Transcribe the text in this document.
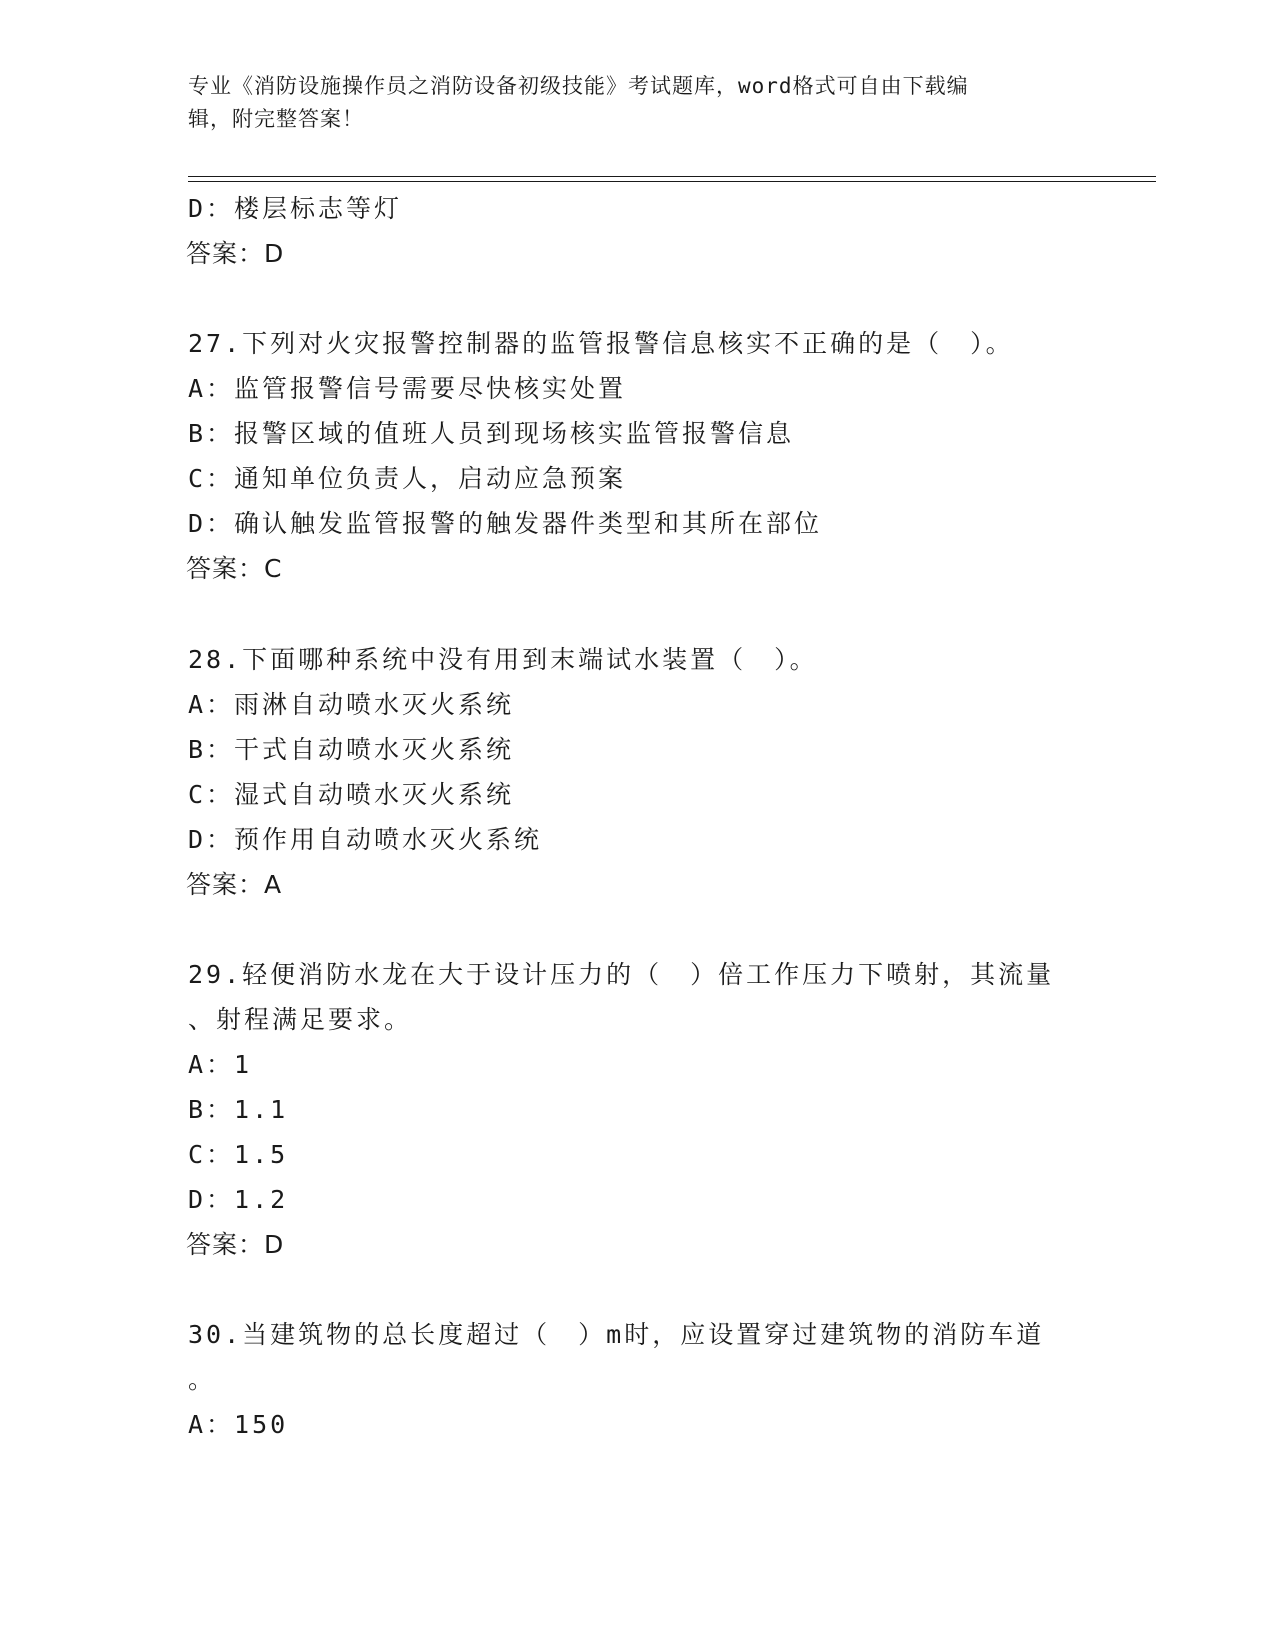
专业《消防设施操作员之消防设备初级技能》考试题库，word格式可自由下载编
辑，附完整答案！
D：楼层标志等灯
答案：D
27.下列对火灾报警控制器的监管报警信息核实不正确的是（　）。
A：监管报警信号需要尽快核实处置
B：报警区域的值班人员到现场核实监管报警信息
C：通知单位负责人，启动应急预案
D：确认触发监管报警的触发器件类型和其所在部位
答案：C
28.下面哪种系统中没有用到末端试水装置（　）。
A：雨淋自动喷水灭火系统
B：干式自动喷水灭火系统
C：湿式自动喷水灭火系统
D：预作用自动喷水灭火系统
答案：A
29.轻便消防水龙在大于设计压力的（　）倍工作压力下喷射，其流量
、射程满足要求。
A：1
B：1.1
C：1.5
D：1.2
答案：D
30.当建筑物的总长度超过（　）m时，应设置穿过建筑物的消防车道
。
A：150
